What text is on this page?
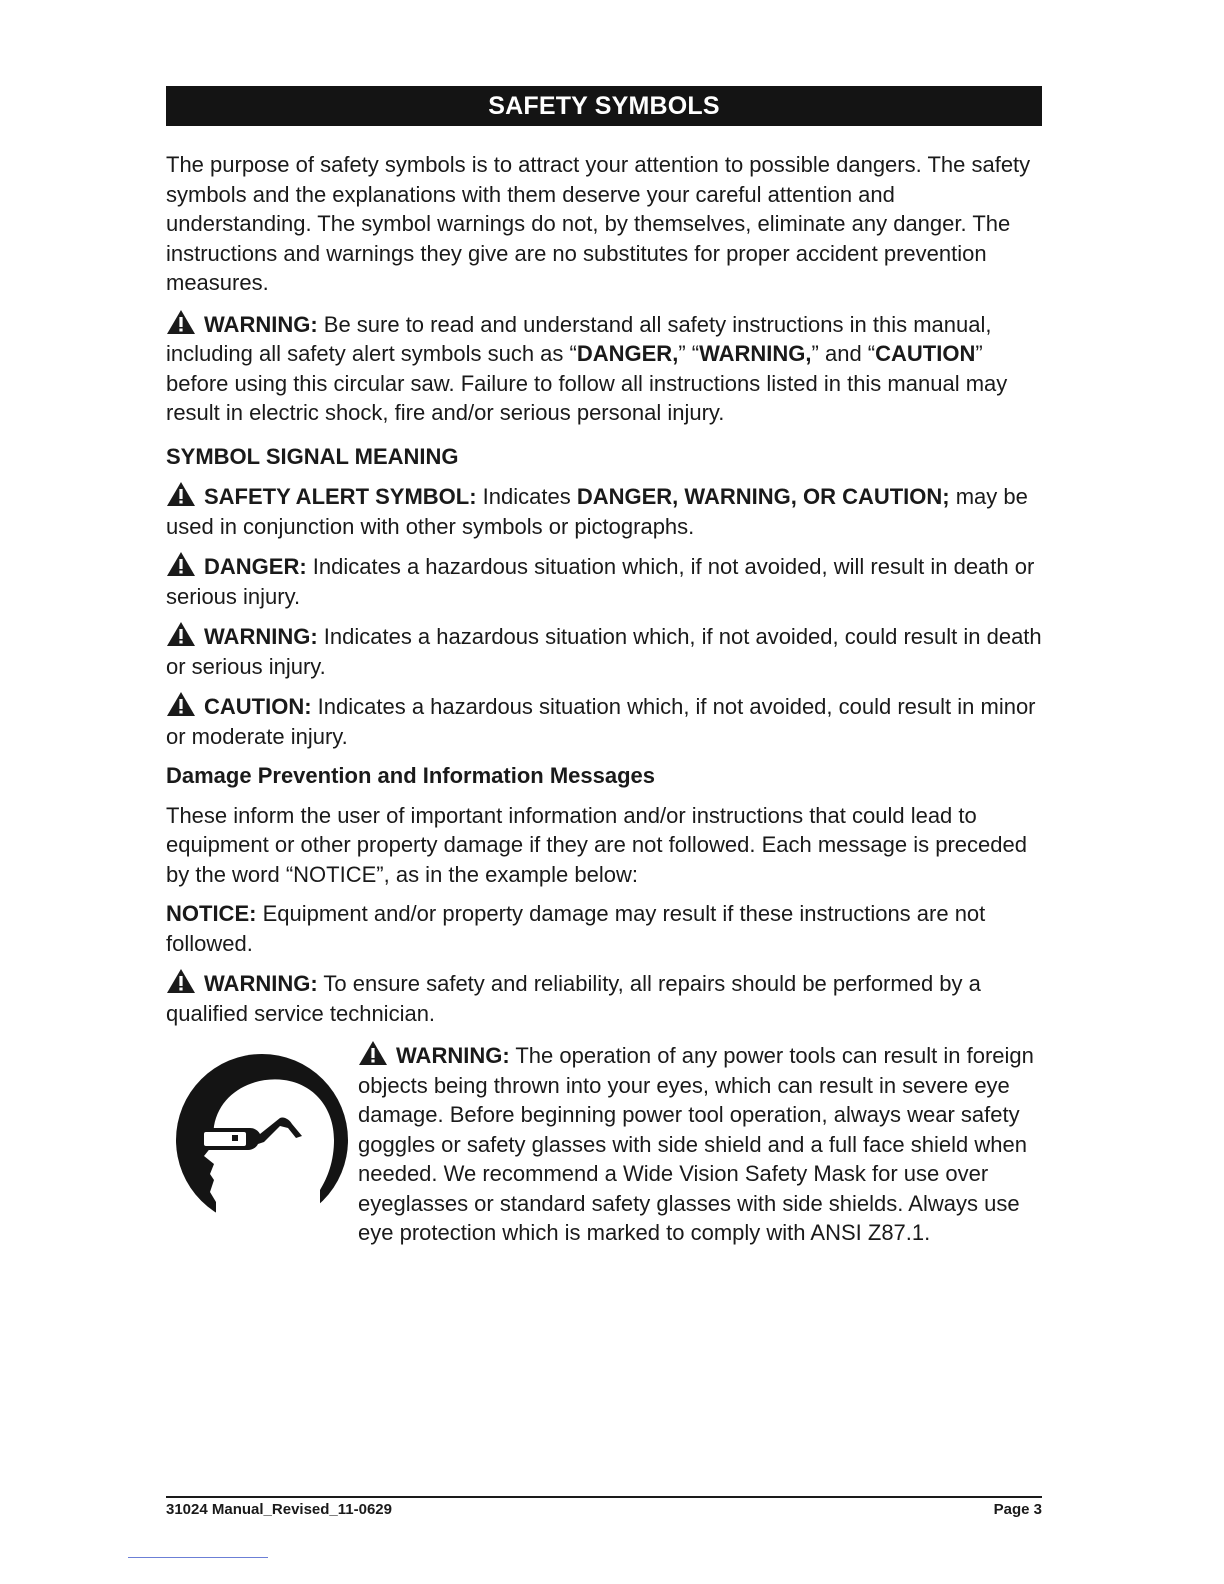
SAFETY SYMBOLS

The purpose of safety symbols is to attract your attention to possible dangers. The safety symbols and the explanations with them deserve your careful attention and understanding. The symbol warnings do not, by themselves, eliminate any danger. The instructions and warnings they give are no substitutes for proper accident prevention measures.

WARNING: Be sure to read and understand all safety instructions in this manual, including all safety alert symbols such as “DANGER,” “WARNING,” and “CAUTION” before using this circular saw. Failure to follow all instructions listed in this manual may result in electric shock, fire and/or serious personal injury.

SYMBOL SIGNAL MEANING

SAFETY ALERT SYMBOL: Indicates DANGER, WARNING, OR CAUTION; may be used in conjunction with other symbols or pictographs.

DANGER: Indicates a hazardous situation which, if not avoided, will result in death or serious injury.

WARNING: Indicates a hazardous situation which, if not avoided, could result in death or serious injury.

CAUTION: Indicates a hazardous situation which, if not avoided, could result in minor or moderate injury.

Damage Prevention and Information Messages

These inform the user of important information and/or instructions that could lead to equipment or other property damage if they are not followed. Each message is preceded by the word “NOTICE”, as in the example below:

NOTICE: Equipment and/or property damage may result if these instructions are not followed.

WARNING: To ensure safety and reliability, all repairs should be performed by a qualified service technician.

WARNING: The operation of any power tools can result in foreign objects being thrown into your eyes, which can result in severe eye damage. Before beginning power tool operation, always wear safety goggles or safety glasses with side shield and a full face shield when needed. We recommend a Wide Vision Safety Mask for use over eyeglasses or standard safety glasses with side shields. Always use eye protection which is marked to comply with ANSI Z87.1.

31024 Manual_Revised_11-0629	Page 3
